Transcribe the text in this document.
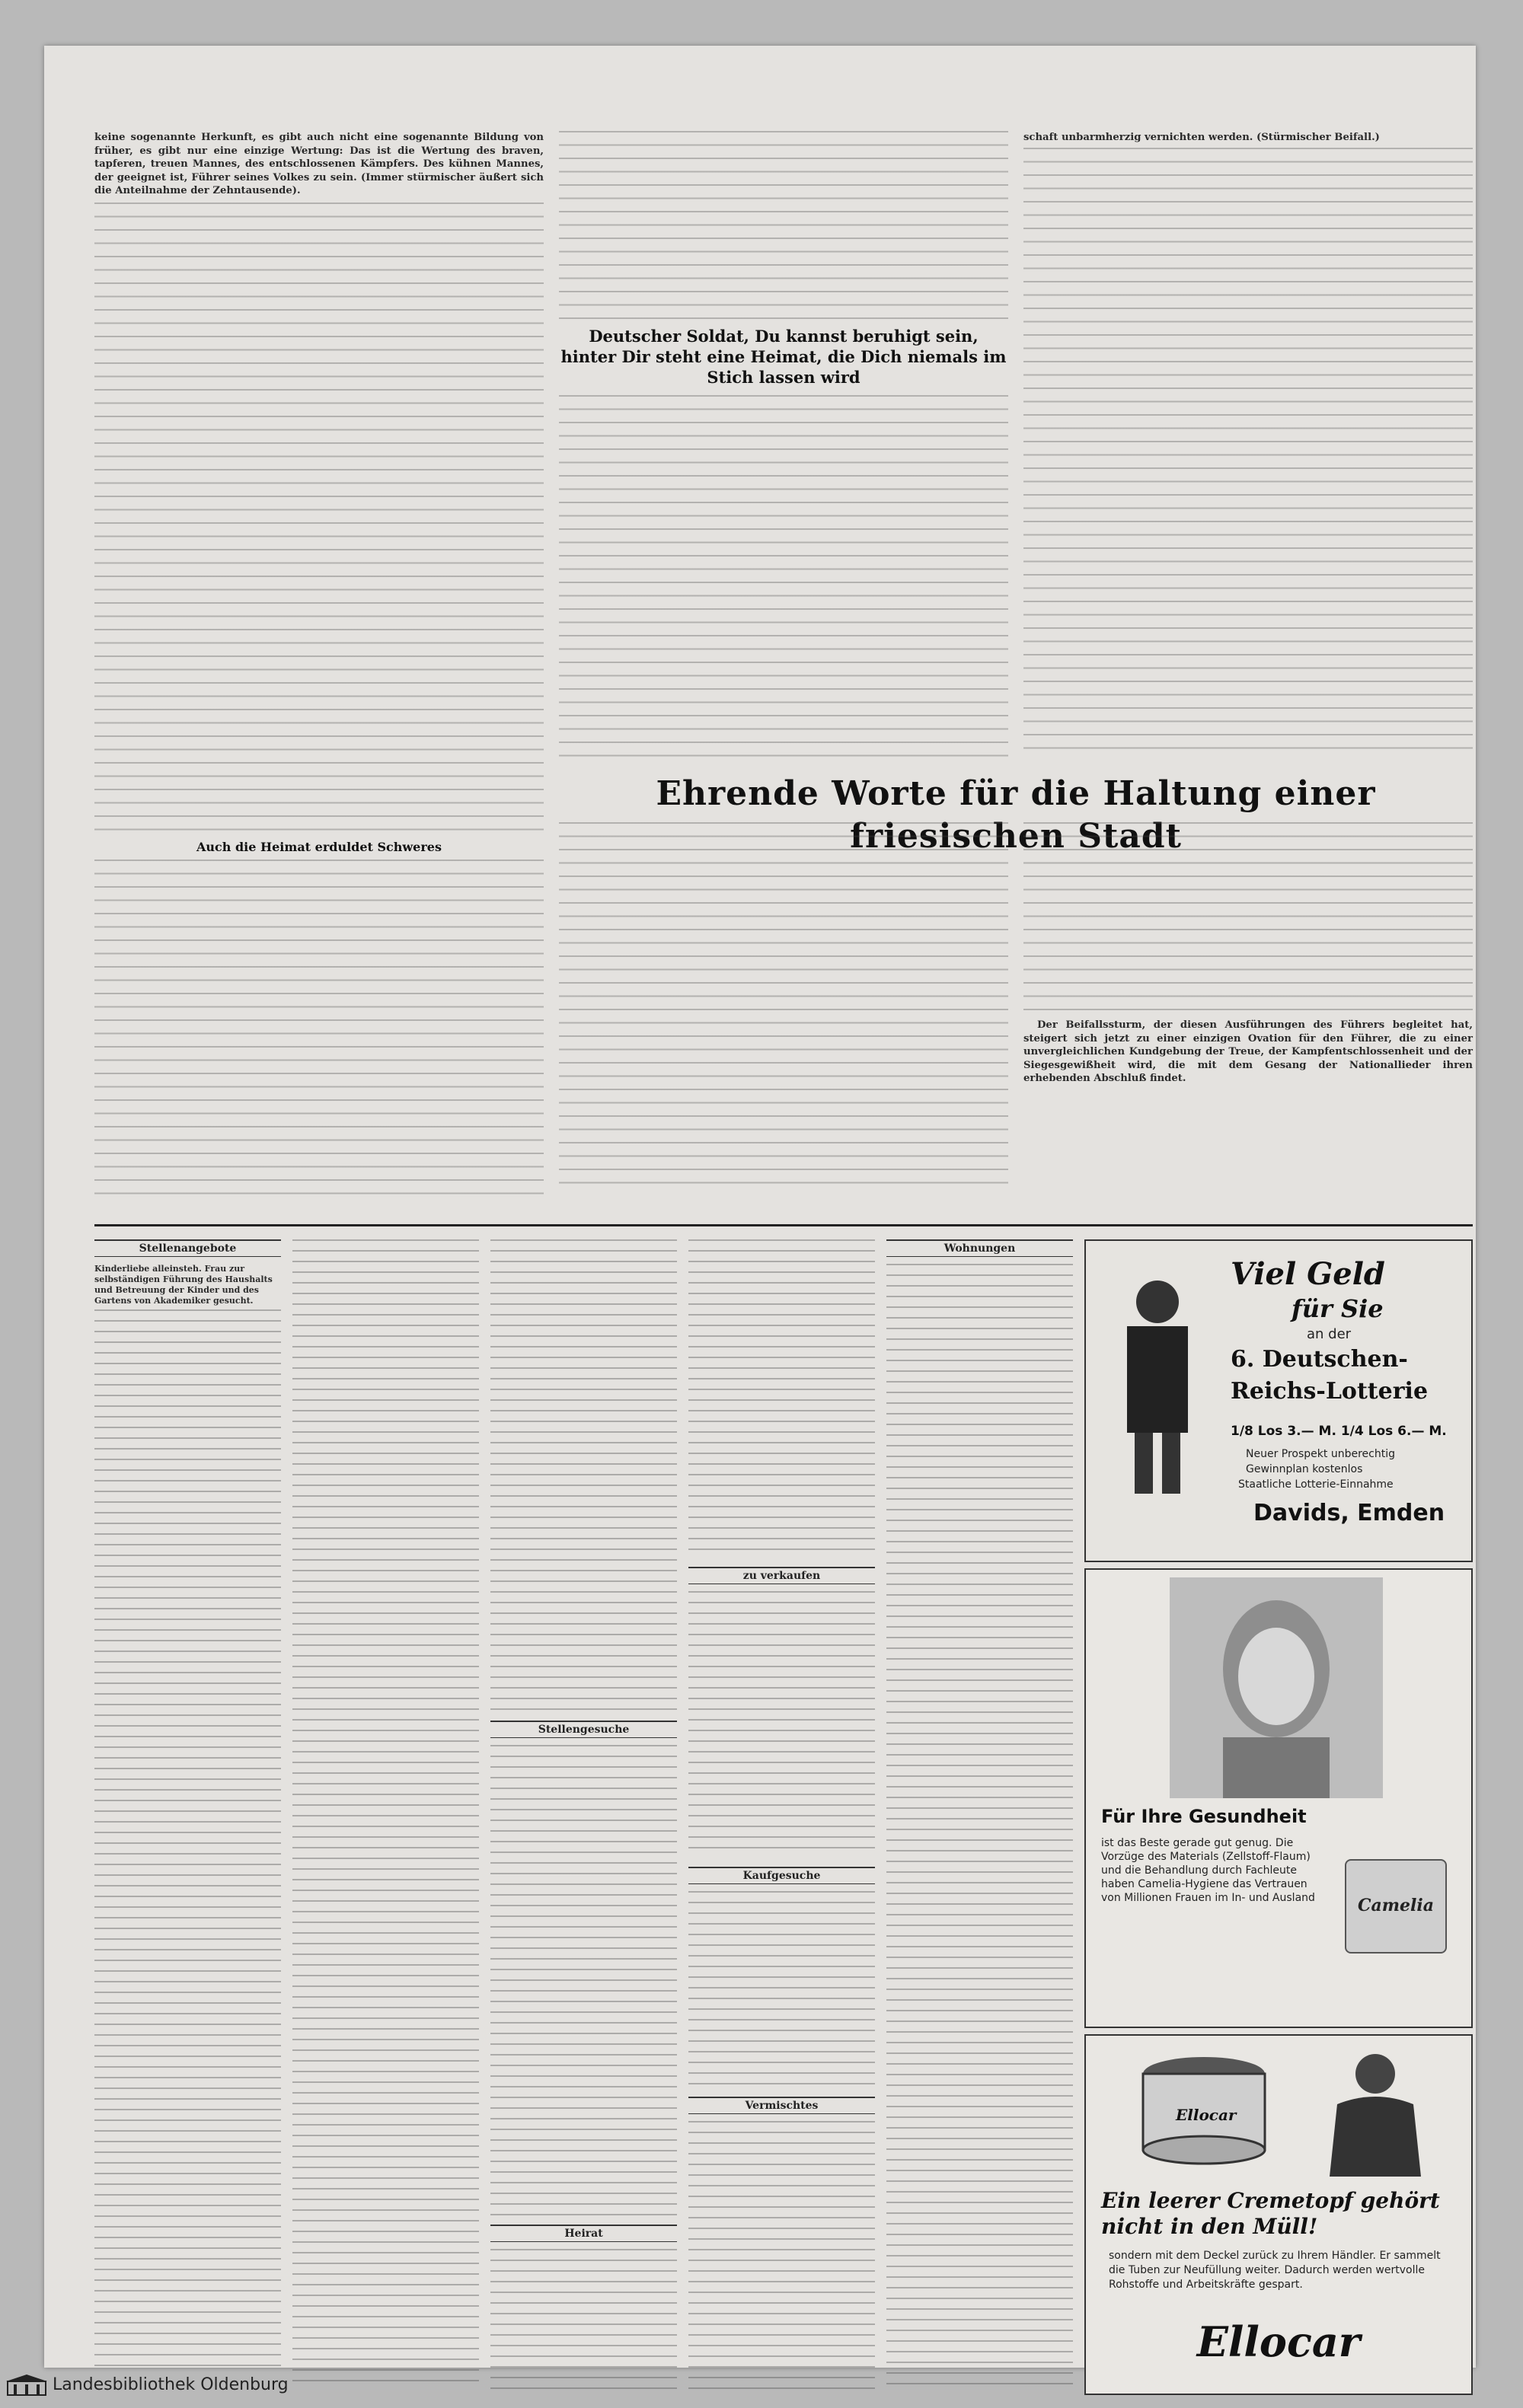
keine sogenannte Herkunft, es gibt auch nicht eine sogenannte Bildung von früher, es gibt nur eine einzige Wertung: Das ist die Wertung des braven, tapferen, treuen Mannes, des entschlossenen Kämpfers. Des kühnen Mannes, der geeignet ist, Führer seines Volkes zu sein. (Immer stürmischer äußert sich die Anteilnahme der Zehntausende).

Auch die Heimat erduldet Schweres
Deutscher Soldat, Du kannst beruhigt sein, hinter Dir steht eine Heimat, die Dich niemals im Stich lassen wird

schaft unbarmherzig vernichten werden. (Stürmischer Beifall.)

Ehrende Worte für die Haltung einer friesischen Stadt

Der Beifallssturm, der diesen Ausführungen des Führers begleitet hat, steigert sich jetzt zu einer einzigen Ovation für den Führer, die zu einer unvergleichlichen Kundgebung der Treue, der Kampfentschlossenheit und der Siegesgewißheit wird, die mit dem Gesang der Nationallieder ihren erhebenden Abschluß findet.

Stellenangebote
Kinderliebe alleinsteh. Frau zur selbständigen Führung des Haushalts und Betreuung der Kinder und des Gartens von Akademiker gesucht.
Stellengesuche
Heirat
zu verkaufen
Kaufgesuche
Vermischtes
Wohnungen
Viel Geld
für Sie
an der
6. Deutschen-
Reichs-Lotterie
1/8 Los 3.— M. 1/4 Los 6.— M.
Neuer Prospekt unberechtig
Gewinnplan kostenlos
Staatliche Lotterie-Einnahme
Davids, Emden
Für Ihre Gesundheit
ist das Beste gerade gut genug. Die Vorzüge des Materials (Zellstoff-Flaum) und die Behandlung durch Fachleute haben Camelia-Hygiene das Vertrauen von Millionen Frauen im In- und Ausland	Camelia
Ellocar
Ein leerer Cremetopf gehört nicht in den Müll!
sondern mit dem Deckel zurück zu Ihrem Händler. Er sammelt die Tuben zur Neufüllung weiter. Dadurch werden wertvolle Rohstoffe und Arbeitskräfte gespart.
Ellocar
Landesbibliothek Oldenburg
